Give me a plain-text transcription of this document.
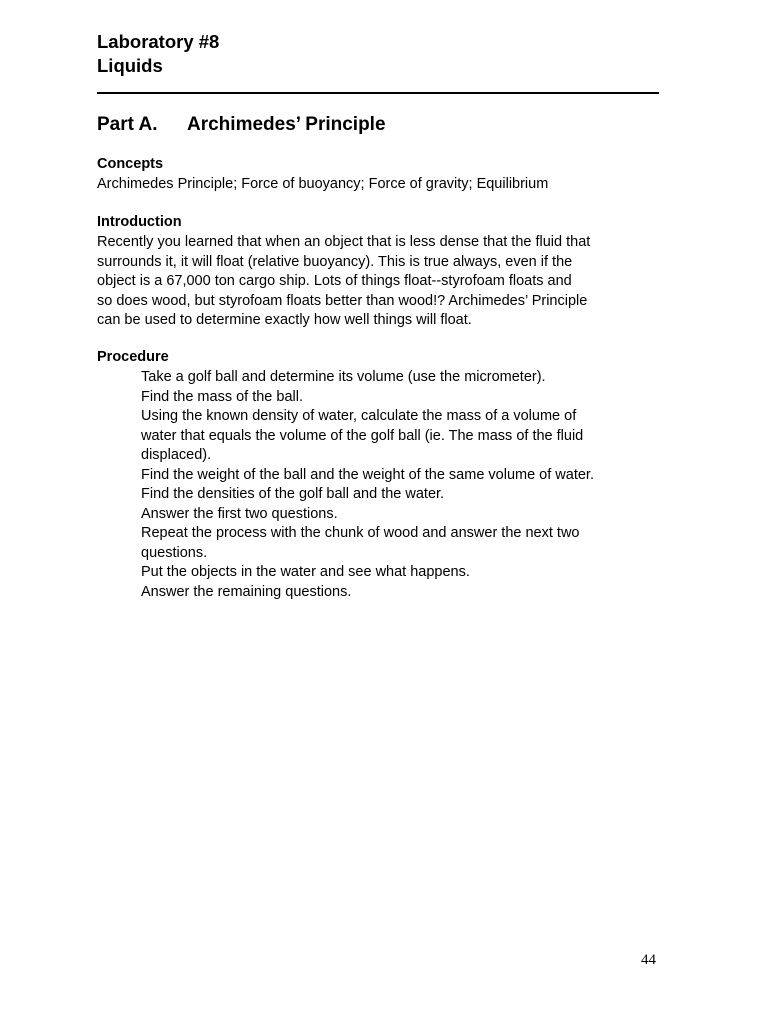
Laboratory #8
Liquids
Part A. Archimedes’ Principle
Concepts
Archimedes Principle; Force of buoyancy; Force of gravity; Equilibrium
Introduction
Recently you learned that when an object that is less dense that the fluid that
surrounds it, it will float (relative buoyancy). This is true always, even if the
object is a 67,000 ton cargo ship. Lots of things float--styrofoam floats and
so does wood, but styrofoam floats better than wood!? Archimedes’ Principle
can be used to determine exactly how well things will float.
Procedure
Take a golf ball and determine its volume (use the micrometer).
Find the mass of the ball.
Using the known density of water, calculate the mass of a volume of
water that equals the volume of the golf ball (ie. The mass of the fluid
displaced).
Find the weight of the ball and the weight of the same volume of water.
Find the densities of the golf ball and the water.
Answer the first two questions.
Repeat the process with the chunk of wood and answer the next two
questions.
Put the objects in the water and see what happens.
Answer the remaining questions.
44
